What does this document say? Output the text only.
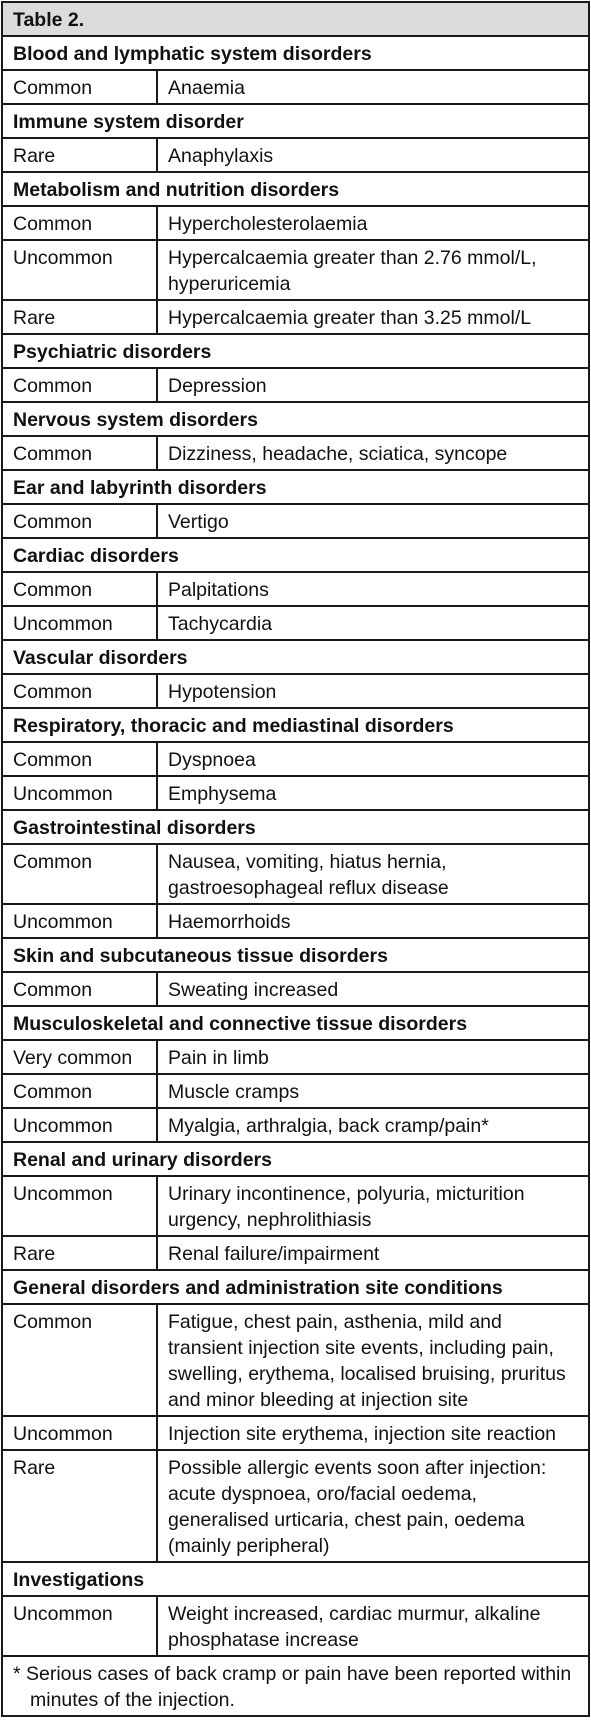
Table 2.	
Blood and lymphatic system disorders	
Common	Anaemia
Immune system disorder	
Rare	Anaphylaxis
Metabolism and nutrition disorders	
Common	Hypercholesterolaemia
Uncommon	Hypercalcaemia greater than 2.76 mmol/L, hyperuricemia
Rare	Hypercalcaemia greater than 3.25 mmol/L
Psychiatric disorders	
Common	Depression
Nervous system disorders	
Common	Dizziness, headache, sciatica, syncope
Ear and labyrinth disorders	
Common	Vertigo
Cardiac disorders	
Common	Palpitations
Uncommon	Tachycardia
Vascular disorders	
Common	Hypotension
Respiratory, thoracic and mediastinal disorders	
Common	Dyspnoea
Uncommon	Emphysema
Gastrointestinal disorders	
Common	Nausea, vomiting, hiatus hernia, gastroesophageal reflux disease
Uncommon	Haemorrhoids
Skin and subcutaneous tissue disorders	
Common	Sweating increased
Musculoskeletal and connective tissue disorders	
Very common	Pain in limb
Common	Muscle cramps
Uncommon	Myalgia, arthralgia, back cramp/pain*
Renal and urinary disorders	
Uncommon	Urinary incontinence, polyuria, micturition urgency, nephrolithiasis
Rare	Renal failure/impairment
General disorders and administration site conditions	
Common	Fatigue, chest pain, asthenia, mild and transient injection site events, including pain, swelling, erythema, localised bruising, pruritus and minor bleeding at injection site
Uncommon	Injection site erythema, injection site reaction
Rare	Possible allergic events soon after injection: acute dyspnoea, oro/facial oedema, generalised urticaria, chest pain, oedema (mainly peripheral)
Investigations	
Uncommon	Weight increased, cardiac murmur, alkaline phosphatase increase

* Serious cases of back cramp or pain have been reported within minutes of the injection.	
